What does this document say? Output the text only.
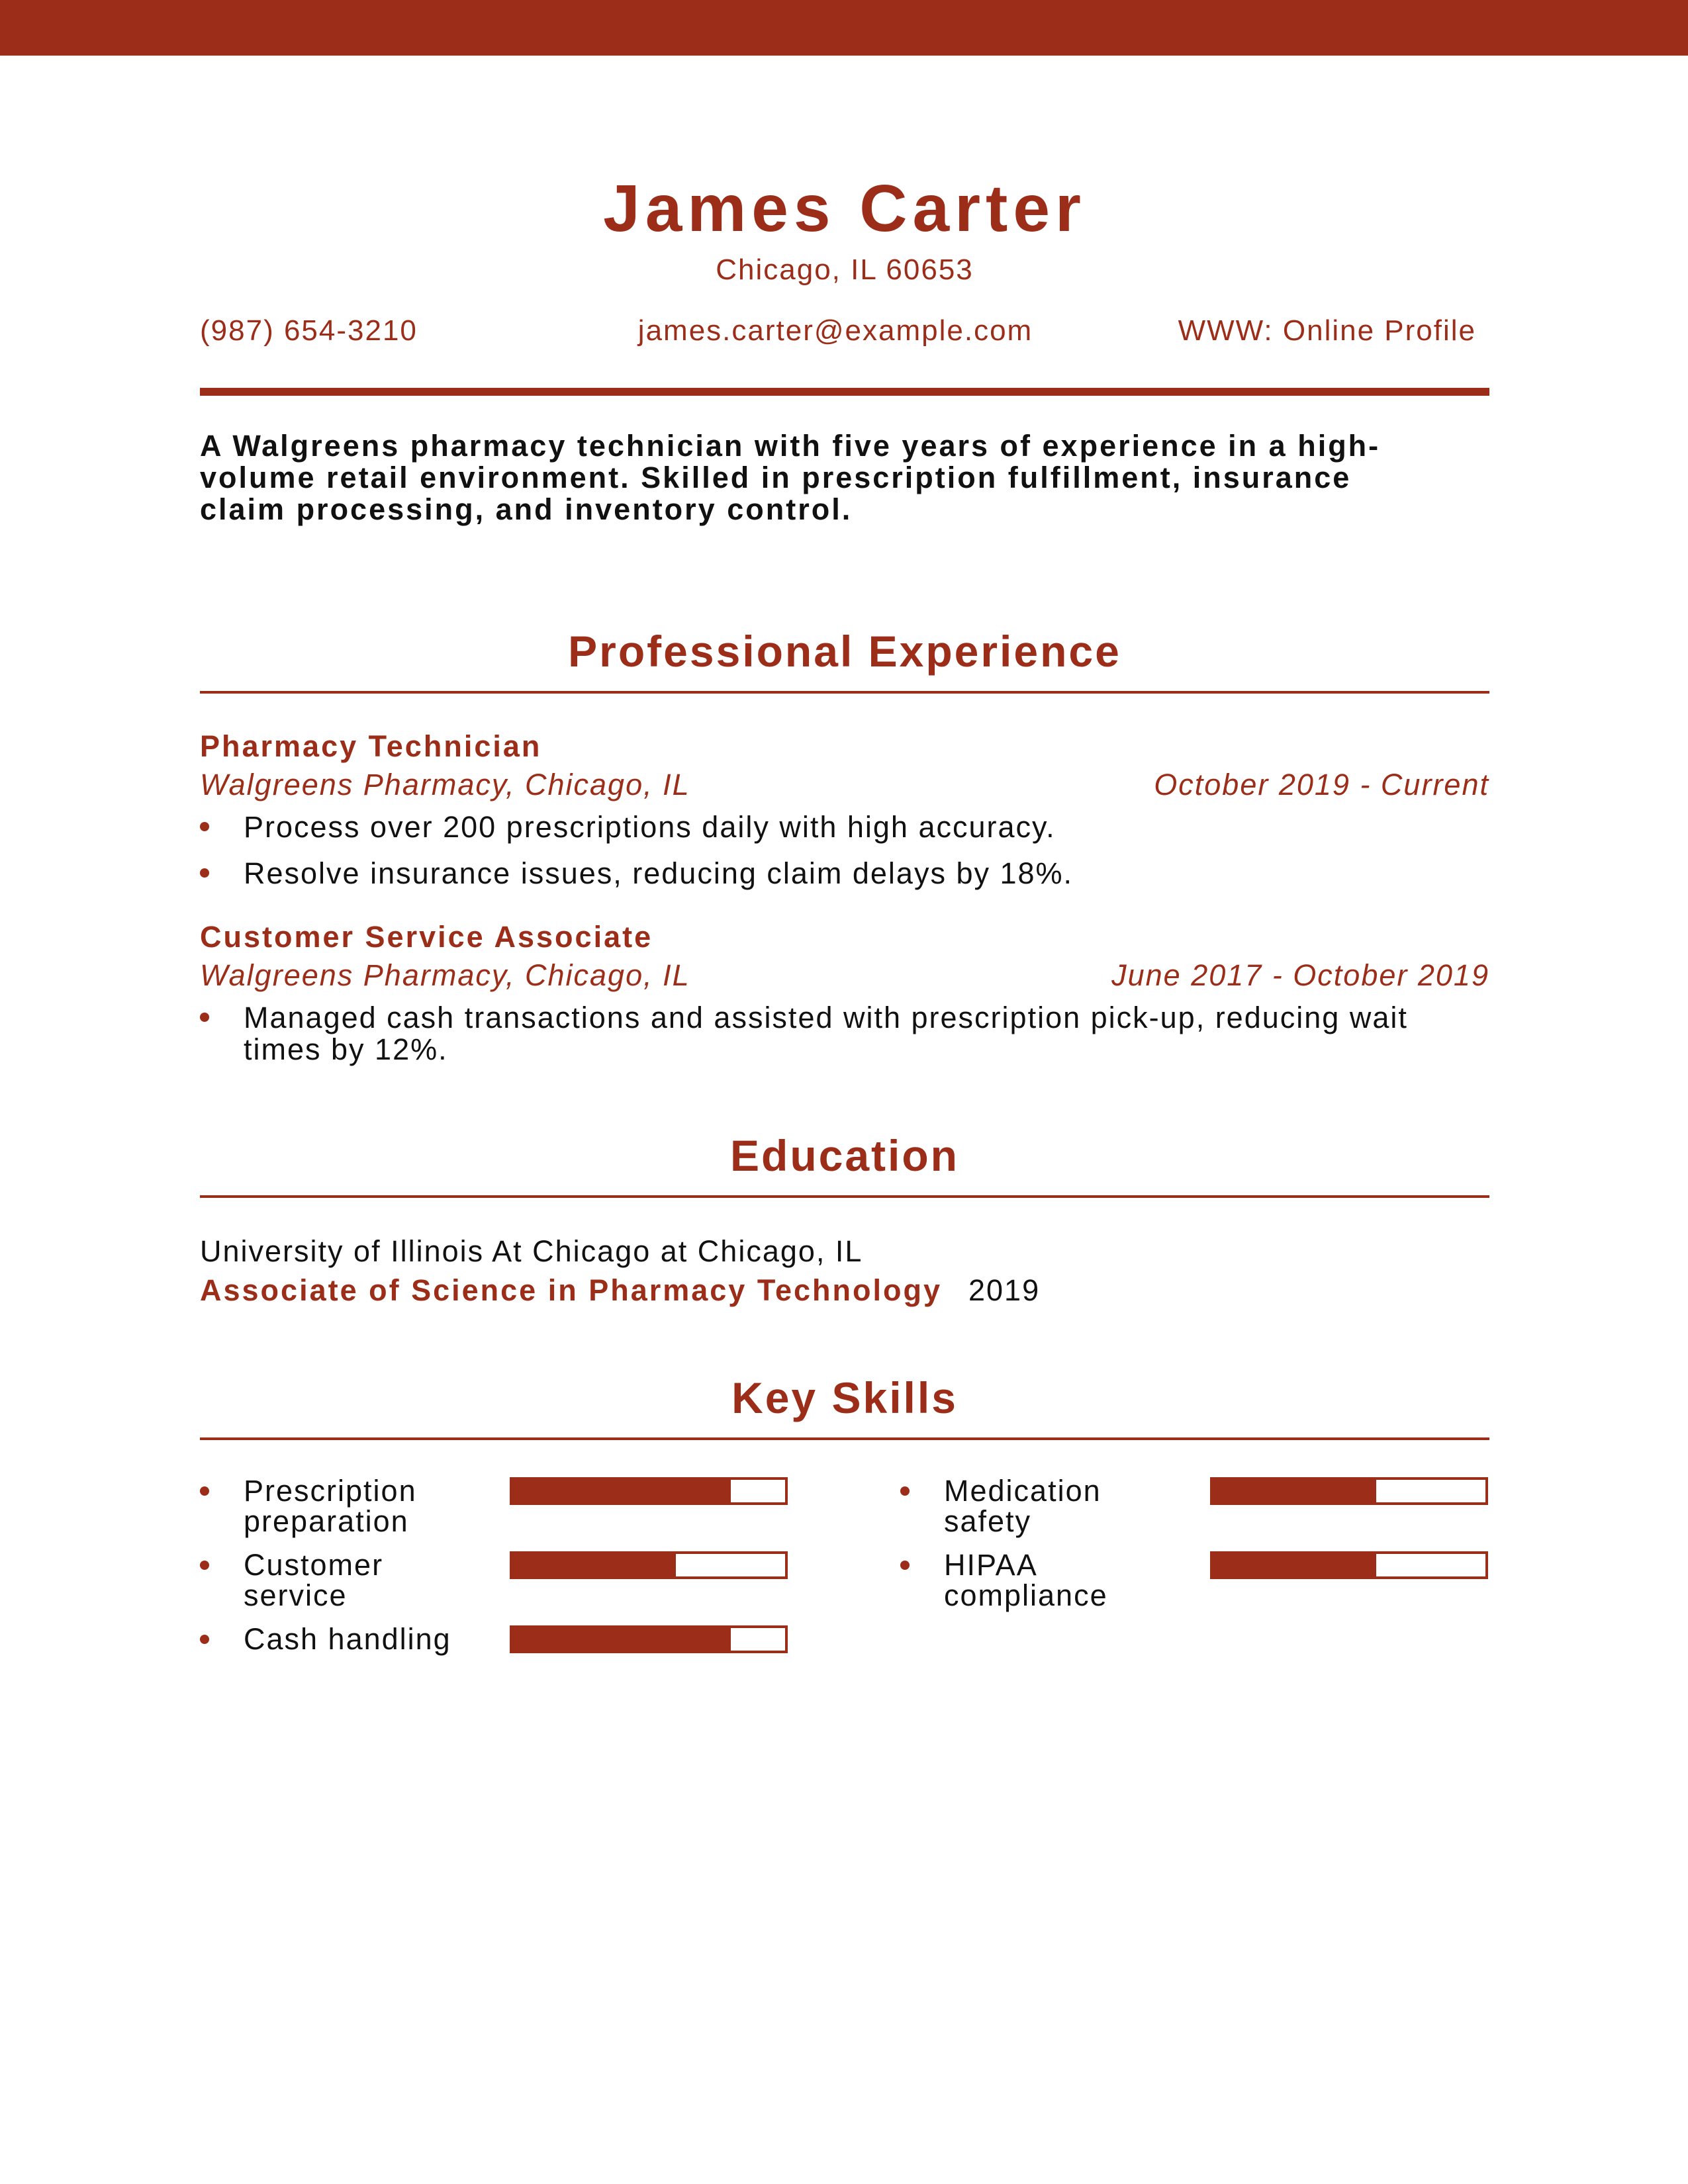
James Carter
Chicago, IL 60653
(987) 654-3210	james.carter@example.com	WWW: Online Profile
A Walgreens pharmacy technician with five years of experience in a high-volume retail environment. Skilled in prescription fulfillment, insurance claim processing, and inventory control.
Professional Experience
Pharmacy Technician
Walgreens Pharmacy, Chicago, IL	October 2019 - Current
Process over 200 prescriptions daily with high accuracy.
Resolve insurance issues, reducing claim delays by 18%.
Customer Service Associate
Walgreens Pharmacy, Chicago, IL	June 2017 - October 2019
Managed cash transactions and assisted with prescription pick-up, reducing wait times by 12%.
Education
University of Illinois At Chicago at Chicago, IL
Associate of Science in Pharmacy Technology 2019
Key Skills
Prescription preparation
Medication safety
Customer service
HIPAA compliance
Cash handling
